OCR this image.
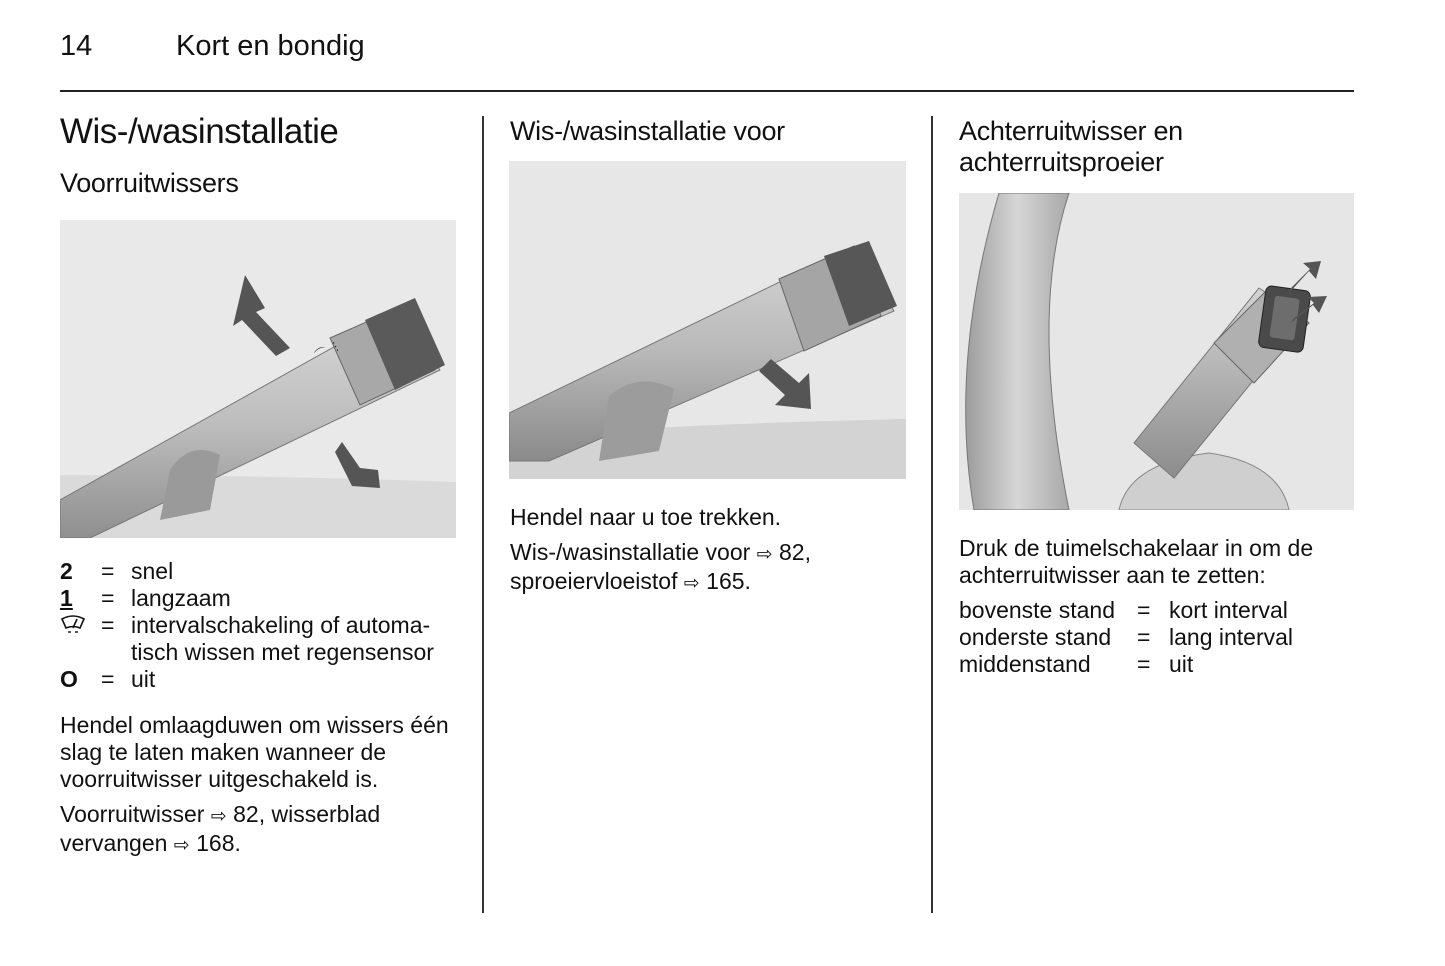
14	Kort en bondig
Wis-/wasinstallatie
Voorruitwissers
⌒ ⋮
2	=	snel
1	=	langzaam
	=	intervalschakeling of automa-
tisch wissen met regensensor

O	=	uit

Hendel omlaagduwen om wissers één slag te laten maken wanneer de voorruitwisser uitgeschakeld is.

Voorruitwisser ⇨ 82, wisserblad
vervangen ⇨ 168.

Wis-/wasinstallatie voor

Hendel naar u toe trekken.

Wis-/wasinstallatie voor ⇨ 82,
sproeiervloeistof ⇨ 165.

Achterruitwisser en
achterruitsproeier

Druk de tuimelschakelaar in om de achterruitwisser aan te zetten:

bovenste stand	=	kort interval
onderste stand	=	lang interval
middenstand	=	uit
